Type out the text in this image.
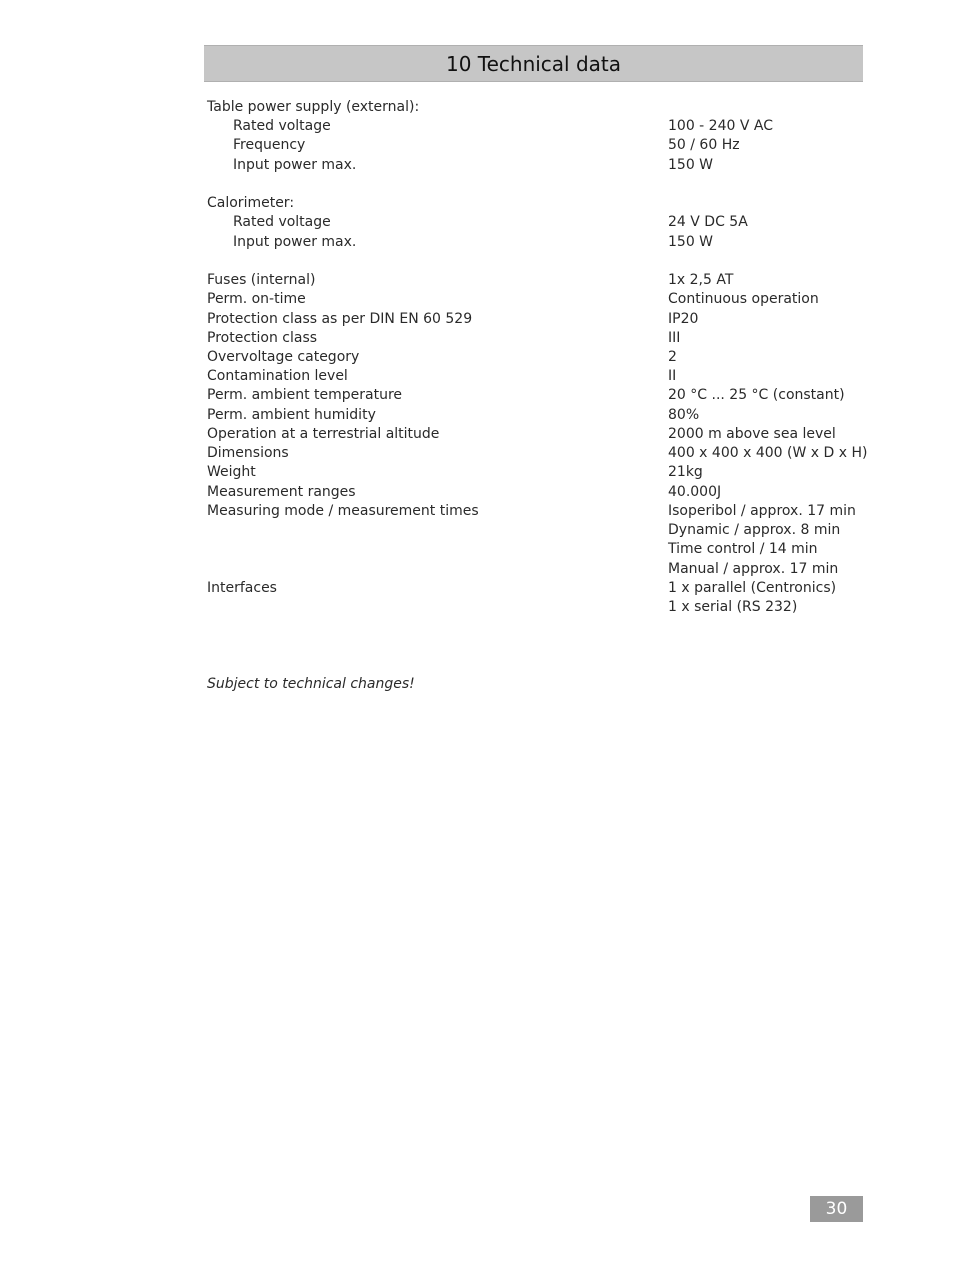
10 Technical data
Table power supply (external):
Rated voltage	100 - 240 V AC
Frequency	50 / 60 Hz
Input power max.	150 W
Calorimeter:
Rated voltage	24 V DC 5A
Input power max.	150 W
Fuses (internal)	1x 2,5 AT
Perm. on-time	Continuous operation
Protection class as per DIN EN 60 529	IP20
Protection class	III
Overvoltage category	2
Contamination level	II
Perm. ambient temperature	20 °C ... 25 °C (constant)
Perm. ambient humidity	80%
Operation at a terrestrial altitude	2000 m above sea level
Dimensions	400 x 400 x 400 (W x D x H)
Weight	21kg
Measurement ranges	40.000J
Measuring mode / measurement times	Isoperibol / approx. 17 min
Dynamic / approx. 8 min
Time control / 14 min
Manual / approx. 17 min
Interfaces	1 x parallel (Centronics)
1 x serial (RS 232)
Subject to technical changes!
30
